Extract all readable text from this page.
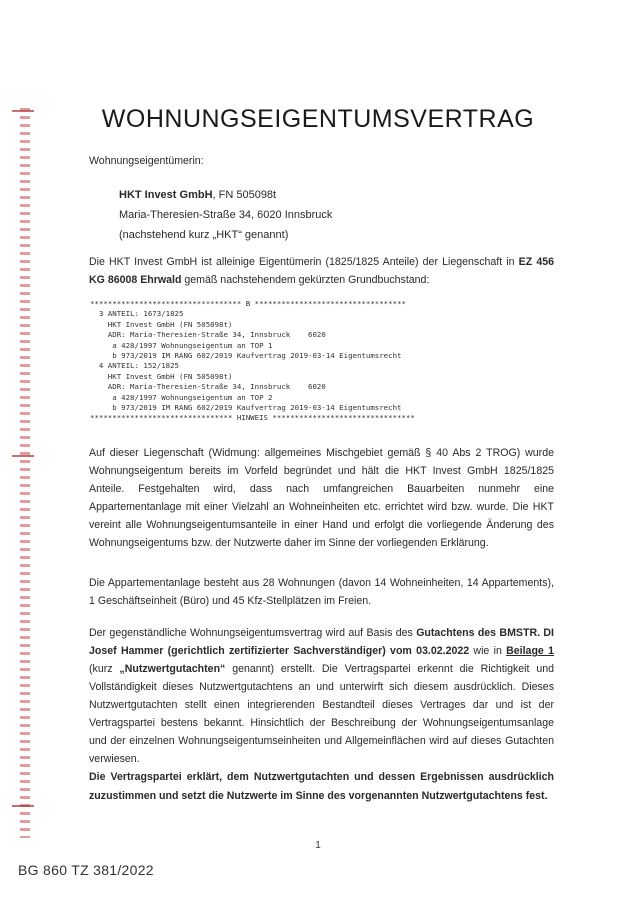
WOHNUNGSEIGENTUMSVERTRAG
Wohnungseigentümerin:
HKT Invest GmbH, FN 505098t
Maria-Theresien-Straße 34, 6020 Innsbruck
(nachstehend kurz „HKT“ genannt)
Die HKT Invest GmbH ist alleinige Eigentümerin (1825/1825 Anteile) der Liegenschaft in EZ 456 KG 86008 Ehrwald gemäß nachstehendem gekürzten Grundbuchstand:
********************************** B **********************************
3 ANTEIL: 1673/1825
HKT Invest GmbH (FN 505098t)
ADR: Maria-Theresien-Straße 34, Innsbruck    6020
a 428/1997 Wohnungseigentum an TOP 1
b 973/2019 IM RANG 602/2019 Kaufvertrag 2019-03-14 Eigentumsrecht
4 ANTEIL: 152/1825
HKT Invest GmbH (FN 505098t)
ADR: Maria-Theresien-Straße 34, Innsbruck    6020
a 428/1997 Wohnungseigentum an TOP 2
b 973/2019 IM RANG 602/2019 Kaufvertrag 2019-03-14 Eigentumsrecht
******************************** HINWEIS ********************************
Auf dieser Liegenschaft (Widmung: allgemeines Mischgebiet gemäß § 40 Abs 2 TROG) wurde Wohnungseigentum bereits im Vorfeld begründet und hält die HKT Invest GmbH 1825/1825 Anteile. Festgehalten wird, dass nach umfangreichen Bauarbeiten nunmehr eine Appartementanlage mit einer Vielzahl an Wohneinheiten etc. errichtet wird bzw. wurde. Die HKT vereint alle Wohnungseigentumsanteile in einer Hand und erfolgt die vorliegende Änderung des Wohnungseigentums bzw. der Nutzwerte daher im Sinne der vorliegenden Erklärung.
Die Appartementanlage besteht aus 28 Wohnungen (davon 14 Wohneinheiten, 14 Appartements), 1 Geschäftseinheit (Büro) und 45 Kfz-Stellplätzen im Freien.
Der gegenständliche Wohnungseigentumsvertrag wird auf Basis des Gutachtens des BMSTR. DI Josef Hammer (gerichtlich zertifizierter Sachverständiger) vom 03.02.2022 wie in Beilage 1 (kurz „Nutzwertgutachten“ genannt) erstellt. Die Vertragspartei erkennt die Richtigkeit und Vollständigkeit dieses Nutzwertgutachtens an und unterwirft sich diesem ausdrücklich. Dieses Nutzwertgutachten stellt einen integrierenden Bestandteil dieses Vertrages dar und ist der Vertragspartei bestens bekannt. Hinsichtlich der Beschreibung der Wohnungseigentumsanlage und der einzelnen Wohnungseigentumseinheiten und Allgemeinflächen wird auf dieses Gutachten verwiesen.
Die Vertragspartei erklärt, dem Nutzwertgutachten und dessen Ergebnissen ausdrücklich zuzustimmen und setzt die Nutzwerte im Sinne des vorgenannten Nutzwertgutachtens fest.
1
BG 860 TZ 381/2022
